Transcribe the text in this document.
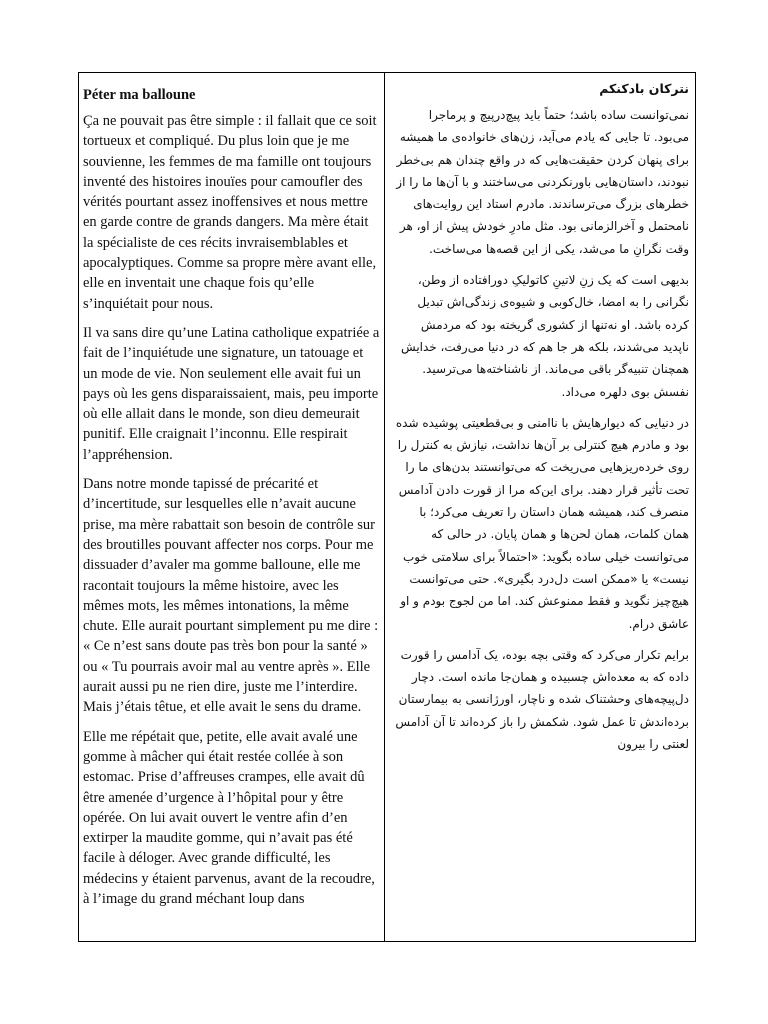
Péter ma balloune

Ça ne pouvait pas être simple : il fallait que ce soit tortueux et compliqué. Du plus loin que je me souvienne, les femmes de ma famille ont toujours inventé des histoires inouïes pour camoufler des vérités pourtant assez inoffensives et nous mettre en garde contre de grands dangers. Ma mère était la spécialiste de ces récits invraisemblables et apocalyptiques. Comme sa propre mère avant elle, elle en inventait une chaque fois qu’elle s’inquiétait pour nous.

Il va sans dire qu’une Latina catholique expatriée a fait de l’inquiétude une signature, un tatouage et un mode de vie. Non seulement elle avait fui un pays où les gens disparaissaient, mais, peu importe où elle allait dans le monde, son dieu demeurait punitif. Elle craignait l’inconnu. Elle respirait l’appréhension.

Dans notre monde tapissé de précarité et d’incertitude, sur lesquelles elle n’avait aucune prise, ma mère rabattait son besoin de contrôle sur des broutilles pouvant affecter nos corps. Pour me dissuader d’avaler ma gomme balloune, elle me racontait toujours la même histoire, avec les mêmes mots, les mêmes intonations, la même chute. Elle aurait pourtant simplement pu me dire : « Ce n’est sans doute pas très bon pour la santé » ou « Tu pourrais avoir mal au ventre après ». Elle aurait aussi pu ne rien dire, juste me l’interdire. Mais j’étais têtue, et elle avait le sens du drame.

Elle me répétait que, petite, elle avait avalé une gomme à mâcher qui était restée collée à son estomac. Prise d’affreuses crampes, elle avait dû être amenée d’urgence à l’hôpital pour y être opérée. On lui avait ouvert le ventre afin d’en extirper la maudite gomme, qui n’avait pas été facile à déloger. Avec grande difficulté, les médecins y étaient parvenus, avant de la recoudre, à l’image du grand méchant loup dans

نترکان بادکنکم

نمی‌توانست ساده باشد؛ حتماً باید پیچ‌درپیچ و پرماجرا می‌بود. تا جایی که یادم می‌آید، زن‌های خانواده‌ی ما همیشه برای پنهان کردن حقیقت‌هایی که در واقع چندان هم بی‌خطر نبودند، داستان‌هایی باورنکردنی می‌ساختند و با آن‌ها ما را از خطرهای بزرگ می‌ترساندند. مادرم استاد این روایت‌های نامحتمل و آخرالزمانی بود. مثل مادرِ خودش پیش از او، هر وقت نگرانِ ما می‌شد، یکی از این قصه‌ها می‌ساخت.

بدیهی است که یک زنِ لاتینِ کاتولیکِ دورافتاده از وطن، نگرانی را به امضا، خال‌کوبی و شیوه‌ی زندگی‌اش تبدیل کرده باشد. او نه‌تنها از کشوری گریخته بود که مردمش ناپدید می‌شدند، بلکه هر جا هم که در دنیا می‌رفت، خدایش همچنان تنبیه‌گر باقی می‌ماند. از ناشناخته‌ها می‌ترسید. نفسش بوی دلهره می‌داد.

در دنیایی که دیوارهایش با ناامنی و بی‌قطعیتی پوشیده شده بود و مادرم هیچ کنترلی بر آن‌ها نداشت، نیازش به کنترل را روی خرده‌ریزهایی می‌ریخت که می‌توانستند بدن‌های ما را تحت تأثیر قرار دهند. برای این‌که مرا از قورت دادن آدامس منصرف کند، همیشه همان داستان را تعریف می‌کرد؛ با همان کلمات، همان لحن‌ها و همان پایان. در حالی که می‌توانست خیلی ساده بگوید: «احتمالاً برای سلامتی خوب نیست» یا «ممکن است دل‌درد بگیری». حتی می‌توانست هیچ‌چیز نگوید و فقط ممنوعش کند. اما من لجوج بودم و او عاشق درام.

برایم تکرار می‌کرد که وقتی بچه بوده، یک آدامس را قورت داده که به معده‌اش چسبیده و همان‌جا مانده است. دچار دل‌پیچه‌های وحشتناک شده و ناچار، اورژانسی به بیمارستان برده‌اندش تا عمل شود. شکمش را باز کرده‌اند تا آن آدامس لعنتی را بیرون
